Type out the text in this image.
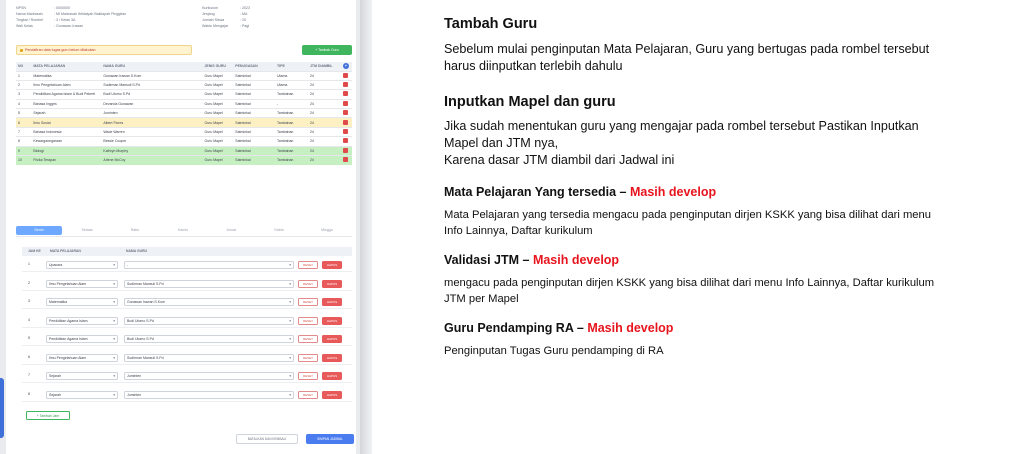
NPSN	: 0000000
Nama Madrasah	: MI Madrasah Ibtidaiyah Bakilapah Pinggitan
Tingkat / Rombel	: 3 / Kelas 3A
Wali Kelas	: Gunawan Irawan
Kurikulum	: 2023
Jenjang	: MA
Jumlah Siswa	: 20
Waktu Mengajar	: Pagi
Pendaftran data tugas guru belum dilakukan	+ Tambah Guru
NO	MATA PELAJARAN	NAMA GURU	JENIS GURU	PENUGASAN	TIPE	JTM DIAMBIL	+
1	Matematika	Gunawan Irawan S.Kom	Guru Mapel	Satminkal	Utama	24	
2	Ilmu Pengetahuan Alam	Sudirman Mansuli S.Pd	Guru Mapel	Satminkal	Utama	24	
3	Pendidikan Agama Islam & Budi Pekerti	Budi Utomo S.Pd	Guru Mapel	Satminkal	Tambahan	24	
4	Bahasa Inggris	Devanda Gunawan	Guru Mapel	Satminkal	-	24	
5	Sejarah	Juminten	Guru Mapel	Satminkal	Tambahan	24	
6	Ilmu Sosial	Albert Flores	Guru Mapel	Satminkal	Tambahan	24	
7	Bahasa Indonesia	Wade Warren	Guru Mapel	Satminkal	Tambahan	24	
8	Kewarganegaraan	Bessie Cooper	Guru Mapel	Satminkal	Tambahan	24	
9	Biologi	Kathryn Murphy	Guru Mapel	Satminkal	Tambahan	24	
10	Fisika Terapan	Arlene McCoy	Guru Mapel	Satminkal	Tambahan	24	
Senin	Selasa	Rabu	Kamis	Jumat	Sabtu	Minggu
JAM KE	MATA PELAJARAN	NAMA GURU
1	Upacara	▾	-	▾	RESET	HAPUS
2	Ilmu Pengetahuan Alam	▾	Sudirman Mansuli S.Pd	▾	RESET	HAPUS
3	Matematika	▾	Gunawan Irawan S.Kom	▾	RESET	HAPUS
4	Pendidikan Agama Islam	▾	Budi Utomo S.Pd	▾	RESET	HAPUS
5	Pendidikan Agama Islam	▾	Budi Utomo S.Pd	▾	RESET	HAPUS
6	Ilmu Pengetahuan Alam	▾	Sudirman Mansuli S.Pd	▾	RESET	HAPUS
7	Sejarah	▾	Juminten	▾	RESET	HAPUS
8	Sejarah	▾	Juminten	▾	RESET	HAPUS
+ Tambah Jam
BATALKAN DAN KEMBALI	SIMPAN JADWAL
Tambah Guru
Sebelum mulai penginputan Mata Pelajaran, Guru yang bertugas pada rombel tersebut
harus diinputkan terlebih dahulu
Inputkan Mapel dan guru
Jika sudah menentukan guru yang mengajar pada rombel tersebut Pastikan Inputkan
Mapel dan JTM nya,
Karena dasar JTM diambil dari Jadwal ini
Mata Pelajaran Yang tersedia – Masih develop
Mata Pelajaran yang tersedia mengacu pada penginputan dirjen KSKK yang bisa dilihat dari menu
Info Lainnya, Daftar kurikulum
Validasi JTM – Masih develop
mengacu pada penginputan dirjen KSKK yang bisa dilihat dari menu Info Lainnya, Daftar kurikulum
JTM per Mapel
Guru Pendamping RA – Masih develop
Penginputan Tugas Guru pendamping di RA
